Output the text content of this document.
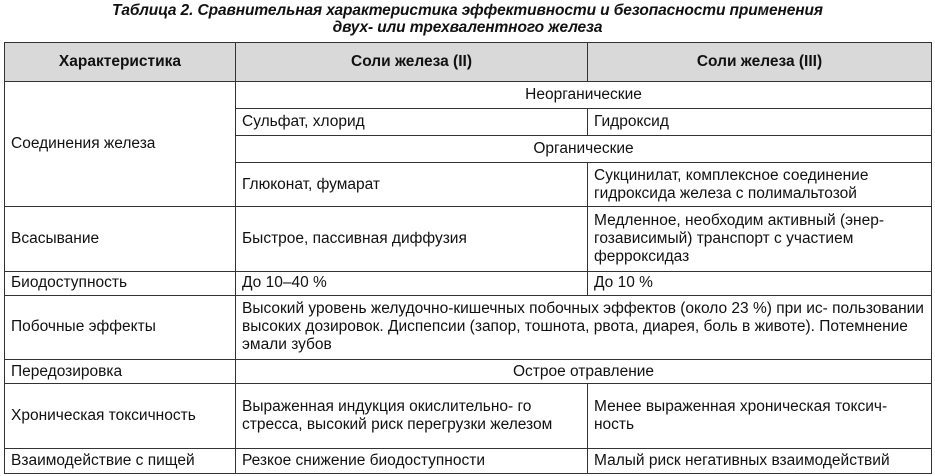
Таблица 2. Сравнительная характеристика эффективности и безопасности применения
двух- или трехвалентного железа
Характеристика	Соли железа (II)	Соли железа (III)
Соединения железа	Неорганические	
	Сульфат, хлорид	Гидроксид
	Органические	
	Глюконат, фумарат	Сукцинилат, комплексное соединение гидроксида железа с полимальтозой
Всасывание	Быстрое, пассивная диффузия	Медленное, необходим активный (энер- гозависимый) транспорт с участием ферроксидаз
Биодоступность	До 10–40 %	До 10 %
Побочные эффекты	Высокий уровень желудочно-кишечных побочных эффектов (около 23 %) при ис- пользовании высоких дозировок. Диспепсии (запор, тошнота, рвота, диарея, боль в животе). Потемнение эмали зубов	
Передозировка	Острое отравление	
Хроническая токсичность	Выраженная индукция окислительно- го стресса, высокий риск перегрузки железом	Менее выраженная хроническая токсич- ность
Взаимодействие с пищей	Резкое снижение биодоступности	Малый риск негативных взаимодействий
